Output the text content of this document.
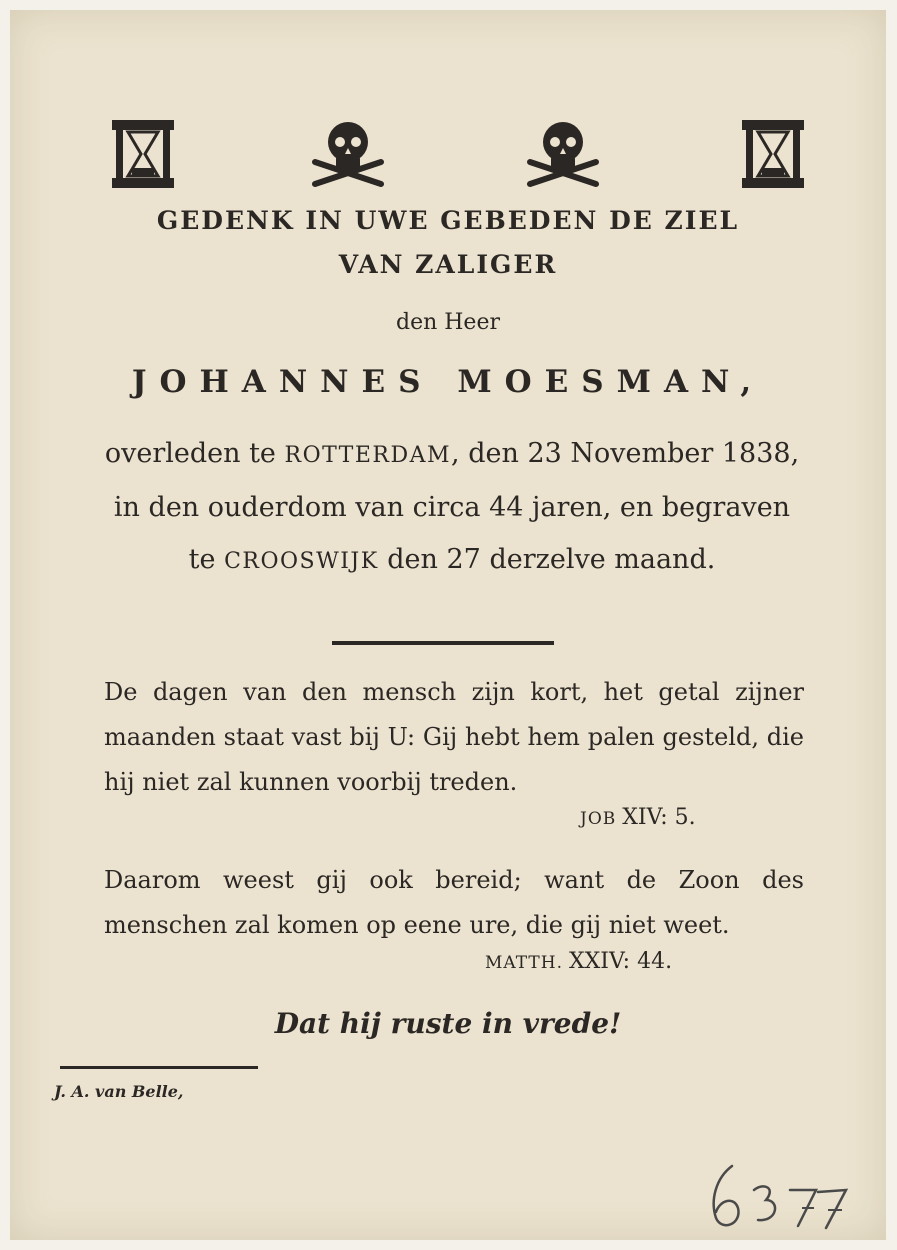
GEDENK IN UWE GEBEDEN DE ZIEL
VAN ZALIGER
den Heer
JOHANNES MOESMAN,
overleden te ROTTERDAM, den 23 November 1838, in den ouderdom van circa 44 jaren, en begraven te CROOSWIJK den 27 derzelve maand.
De dagen van den mensch zijn kort, het getal zijner maanden staat vast bij U: Gij hebt hem palen gesteld, die hij niet zal kunnen voorbij treden.
JOB XIV: 5.
Daarom weest gij ook bereid; want de Zoon des menschen zal komen op eene ure, die gij niet weet.
MATTH. XXIV: 44.
Dat hij ruste in vrede!
J. A. van Belle,
